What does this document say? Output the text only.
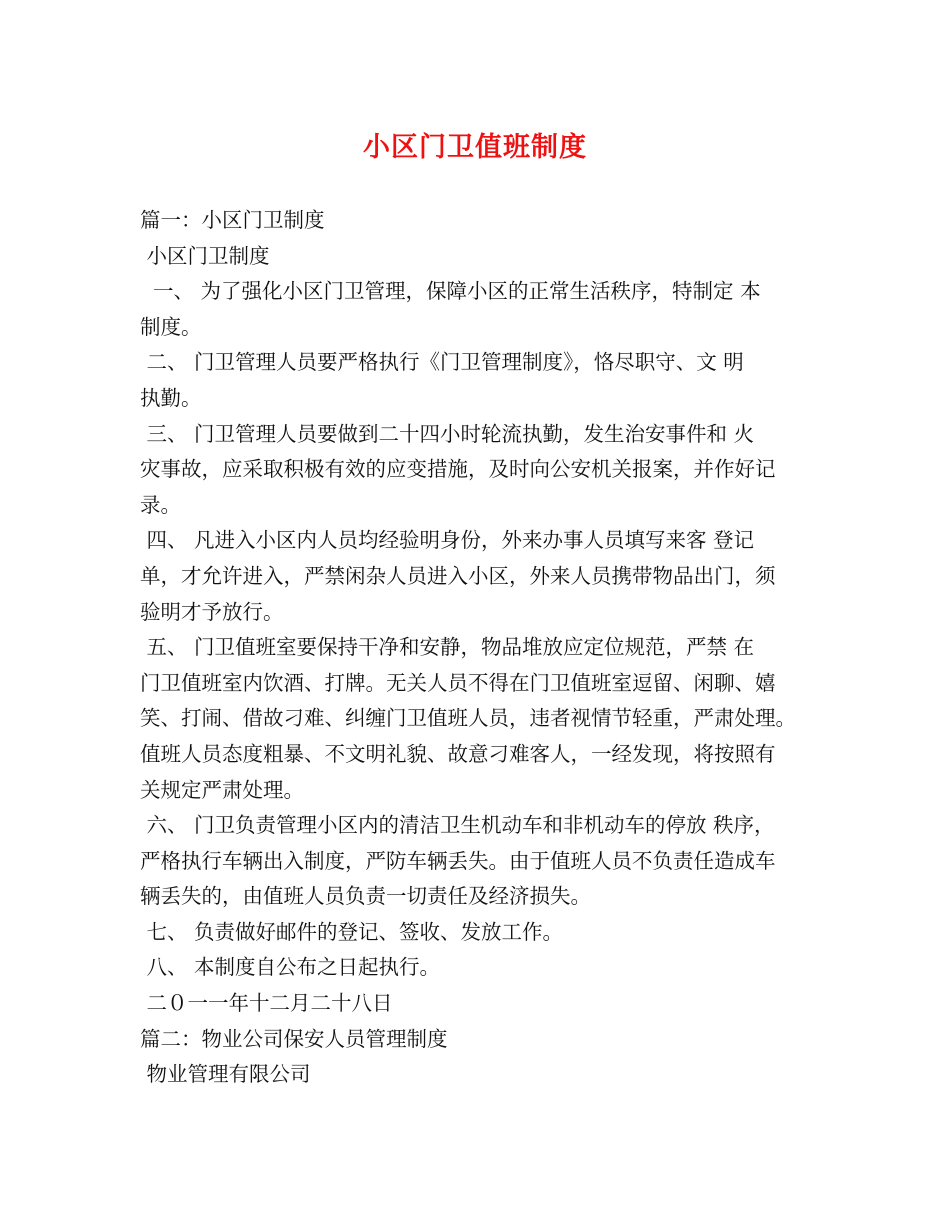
小区门卫值班制度
篇一：小区门卫制度
小区门卫制度
一、 为了强化小区门卫管理，保障小区的正常生活秩序，特制定 本
制度。
二、 门卫管理人员要严格执行《门卫管理制度》，恪尽职守、文 明
执勤。
三、 门卫管理人员要做到二十四小时轮流执勤，发生治安事件和 火
灾事故，应采取积极有效的应变措施，及时向公安机关报案，并作好记
录。
四、 凡进入小区内人员均经验明身份，外来办事人员填写来客 登记
单，才允许进入，严禁闲杂人员进入小区，外来人员携带物品出门，须
验明才予放行。
五、 门卫值班室要保持干净和安静，物品堆放应定位规范，严禁 在
门卫值班室内饮酒、打牌。无关人员不得在门卫值班室逗留、闲聊、嬉
笑、打闹、借故刁难、纠缠门卫值班人员，违者视情节轻重，严肃处理。
值班人员态度粗暴、不文明礼貌、故意刁难客人，一经发现，将按照有
关规定严肃处理。
六、 门卫负责管理小区内的清洁卫生机动车和非机动车的停放 秩序，
严格执行车辆出入制度，严防车辆丢失。由于值班人员不负责任造成车
辆丢失的，由值班人员负责一切责任及经济损失。
七、 负责做好邮件的登记、签收、发放工作。
八、 本制度自公布之日起执行。
二０一一年十二月二十八日
篇二：物业公司保安人员管理制度
物业管理有限公司
